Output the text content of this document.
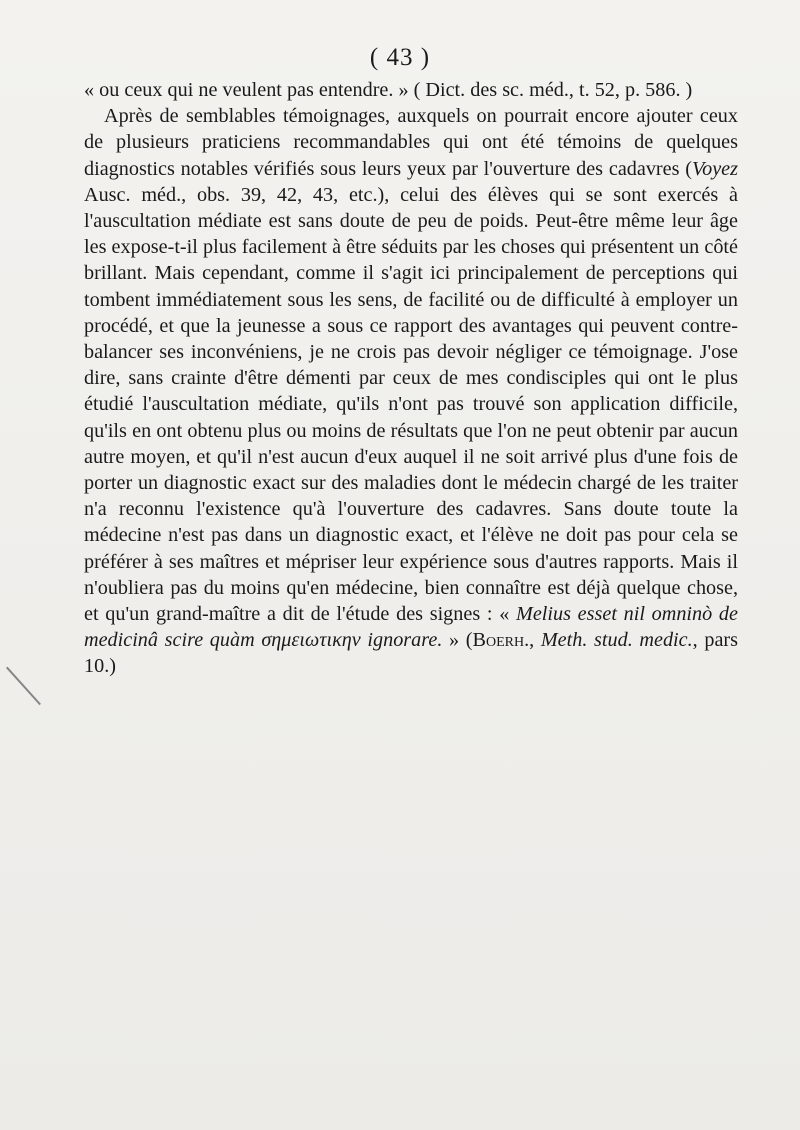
( 43 )

« ou ceux qui ne veulent pas entendre. » ( Dict. des sc. méd., t. 52, p. 586. )

Après de semblables témoignages, auxquels on pourrait encore ajouter ceux de plusieurs praticiens recommandables qui ont été témoins de quelques diagnostics notables vérifiés sous leurs yeux par l'ouverture des cadavres (Voyez Ausc. méd., obs. 39, 42, 43, etc.), celui des élèves qui se sont exercés à l'auscultation médiate est sans doute de peu de poids. Peut-être même leur âge les expose-t-il plus facilement à être séduits par les choses qui présentent un côté brillant. Mais cependant, comme il s'agit ici principalement de perceptions qui tombent immédiatement sous les sens, de facilité ou de difficulté à employer un procédé, et que la jeunesse a sous ce rapport des avantages qui peuvent contre-balancer ses inconvéniens, je ne crois pas devoir négliger ce témoignage. J'ose dire, sans crainte d'être démenti par ceux de mes condisciples qui ont le plus étudié l'auscultation médiate, qu'ils n'ont pas trouvé son application difficile, qu'ils en ont obtenu plus ou moins de résultats que l'on ne peut obtenir par aucun autre moyen, et qu'il n'est aucun d'eux auquel il ne soit arrivé plus d'une fois de porter un diagnostic exact sur des maladies dont le médecin chargé de les traiter n'a reconnu l'existence qu'à l'ouverture des cadavres. Sans doute toute la médecine n'est pas dans un diagnostic exact, et l'élève ne doit pas pour cela se préférer à ses maîtres et mépriser leur expérience sous d'autres rapports. Mais il n'oubliera pas du moins qu'en médecine, bien connaître est déjà quelque chose, et qu'un grand-maître a dit de l'étude des signes : « Melius esset nil omninò de medicinâ scire quàm σημειωτικην ignorare. » (Boerh., Meth. stud. medic., pars 10.)
